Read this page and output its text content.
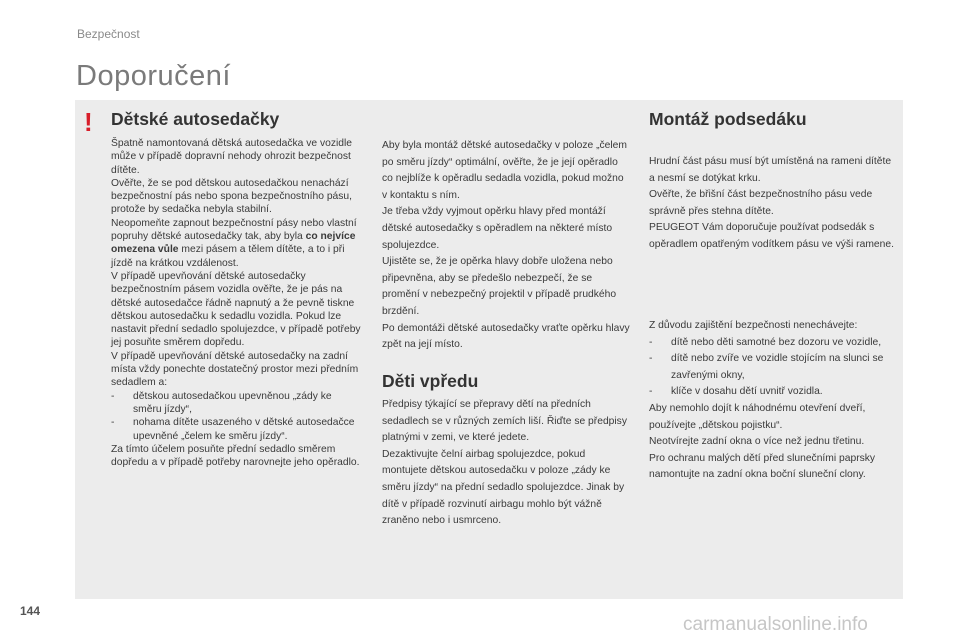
Bezpečnost
Doporučení
! Dětské autosedačky

Špatně namontovaná dětská autosedačka ve vozidle může v případě dopravní nehody ohrozit bezpečnost dítěte.

Ověřte, že se pod dětskou autosedačkou nenachází bezpečnostní pás nebo spona bezpečnostního pásu, protože by sedačka nebyla stabilní.

Neopomeňte zapnout bezpečnostní pásy nebo vlastní popruhy dětské autosedačky tak, aby byla co nejvíce omezena vůle mezi pásem a tělem dítěte, a to i při jízdě na krátkou vzdálenost.

V případě upevňování dětské autosedačky bezpečnostním pásem vozidla ověřte, že je pás na dětské autosedačce řádně napnutý a že pevně tiskne dětskou autosedačku k sedadlu vozidla. Pokud lze nastavit přední sedadlo spolujezdce, v případě potřeby jej posuňte směrem dopředu.

V případě upevňování dětské autosedačky na zadní místa vždy ponechte dostatečný prostor mezi předním sedadlem a:

-	dětskou autosedačkou upevněnou „zády ke směru jízdy“,
-	nohama dítěte usazeného v dětské autosedačce upevněné „čelem ke směru jízdy“.

Za tímto účelem posuňte přední sedadlo směrem dopředu a v případě potřeby narovnejte jeho opěradlo.

Aby byla montáž dětské autosedačky v poloze „čelem po směru jízdy“ optimální, ověřte, že je její opěradlo co nejblíže k opěradlu sedadla vozidla, pokud možno v kontaktu s ním.

Je třeba vždy vyjmout opěrku hlavy před montáží dětské autosedačky s opěradlem na některé místo spolujezdce.

Ujistěte se, že je opěrka hlavy dobře uložena nebo připevněna, aby se předešlo nebezpečí, že se promění v nebezpečný projektil v případě prudkého brzdění.

Po demontáži dětské autosedačky vraťte opěrku hlavy zpět na její místo.

Děti vpředu

Předpisy týkající se přepravy dětí na předních sedadlech se v různých zemích liší. Řiďte se předpisy platnými v zemi, ve které jedete.

Dezaktivujte čelní airbag spolujezdce, pokud montujete dětskou autosedačku v poloze „zády ke směru jízdy“ na přední sedadlo spolujezdce. Jinak by dítě v případě rozvinutí airbagu mohlo být vážně zraněno nebo i usmrceno.

Montáž podsedáku

Hrudní část pásu musí být umístěná na rameni dítěte a nesmí se dotýkat krku.

Ověřte, že břišní část bezpečnostního pásu vede správně přes stehna dítěte.

PEUGEOT Vám doporučuje používat podsedák s opěradlem opatřeným vodítkem pásu ve výši ramene.

Z důvodu zajištění bezpečnosti nenechávejte:

-	dítě nebo děti samotné bez dozoru ve vozidle,
-	dítě nebo zvíře ve vozidle stojícím na slunci se zavřenými okny,
-	klíče v dosahu dětí uvnitř vozidla.

Aby nemohlo dojít k náhodnému otevření dveří, používejte „dětskou pojistku“.

Neotvírejte zadní okna o více než jednu třetinu.

Pro ochranu malých dětí před slunečními paprsky namontujte na zadní okna boční sluneční clony.

144
carmanualsonline.info
